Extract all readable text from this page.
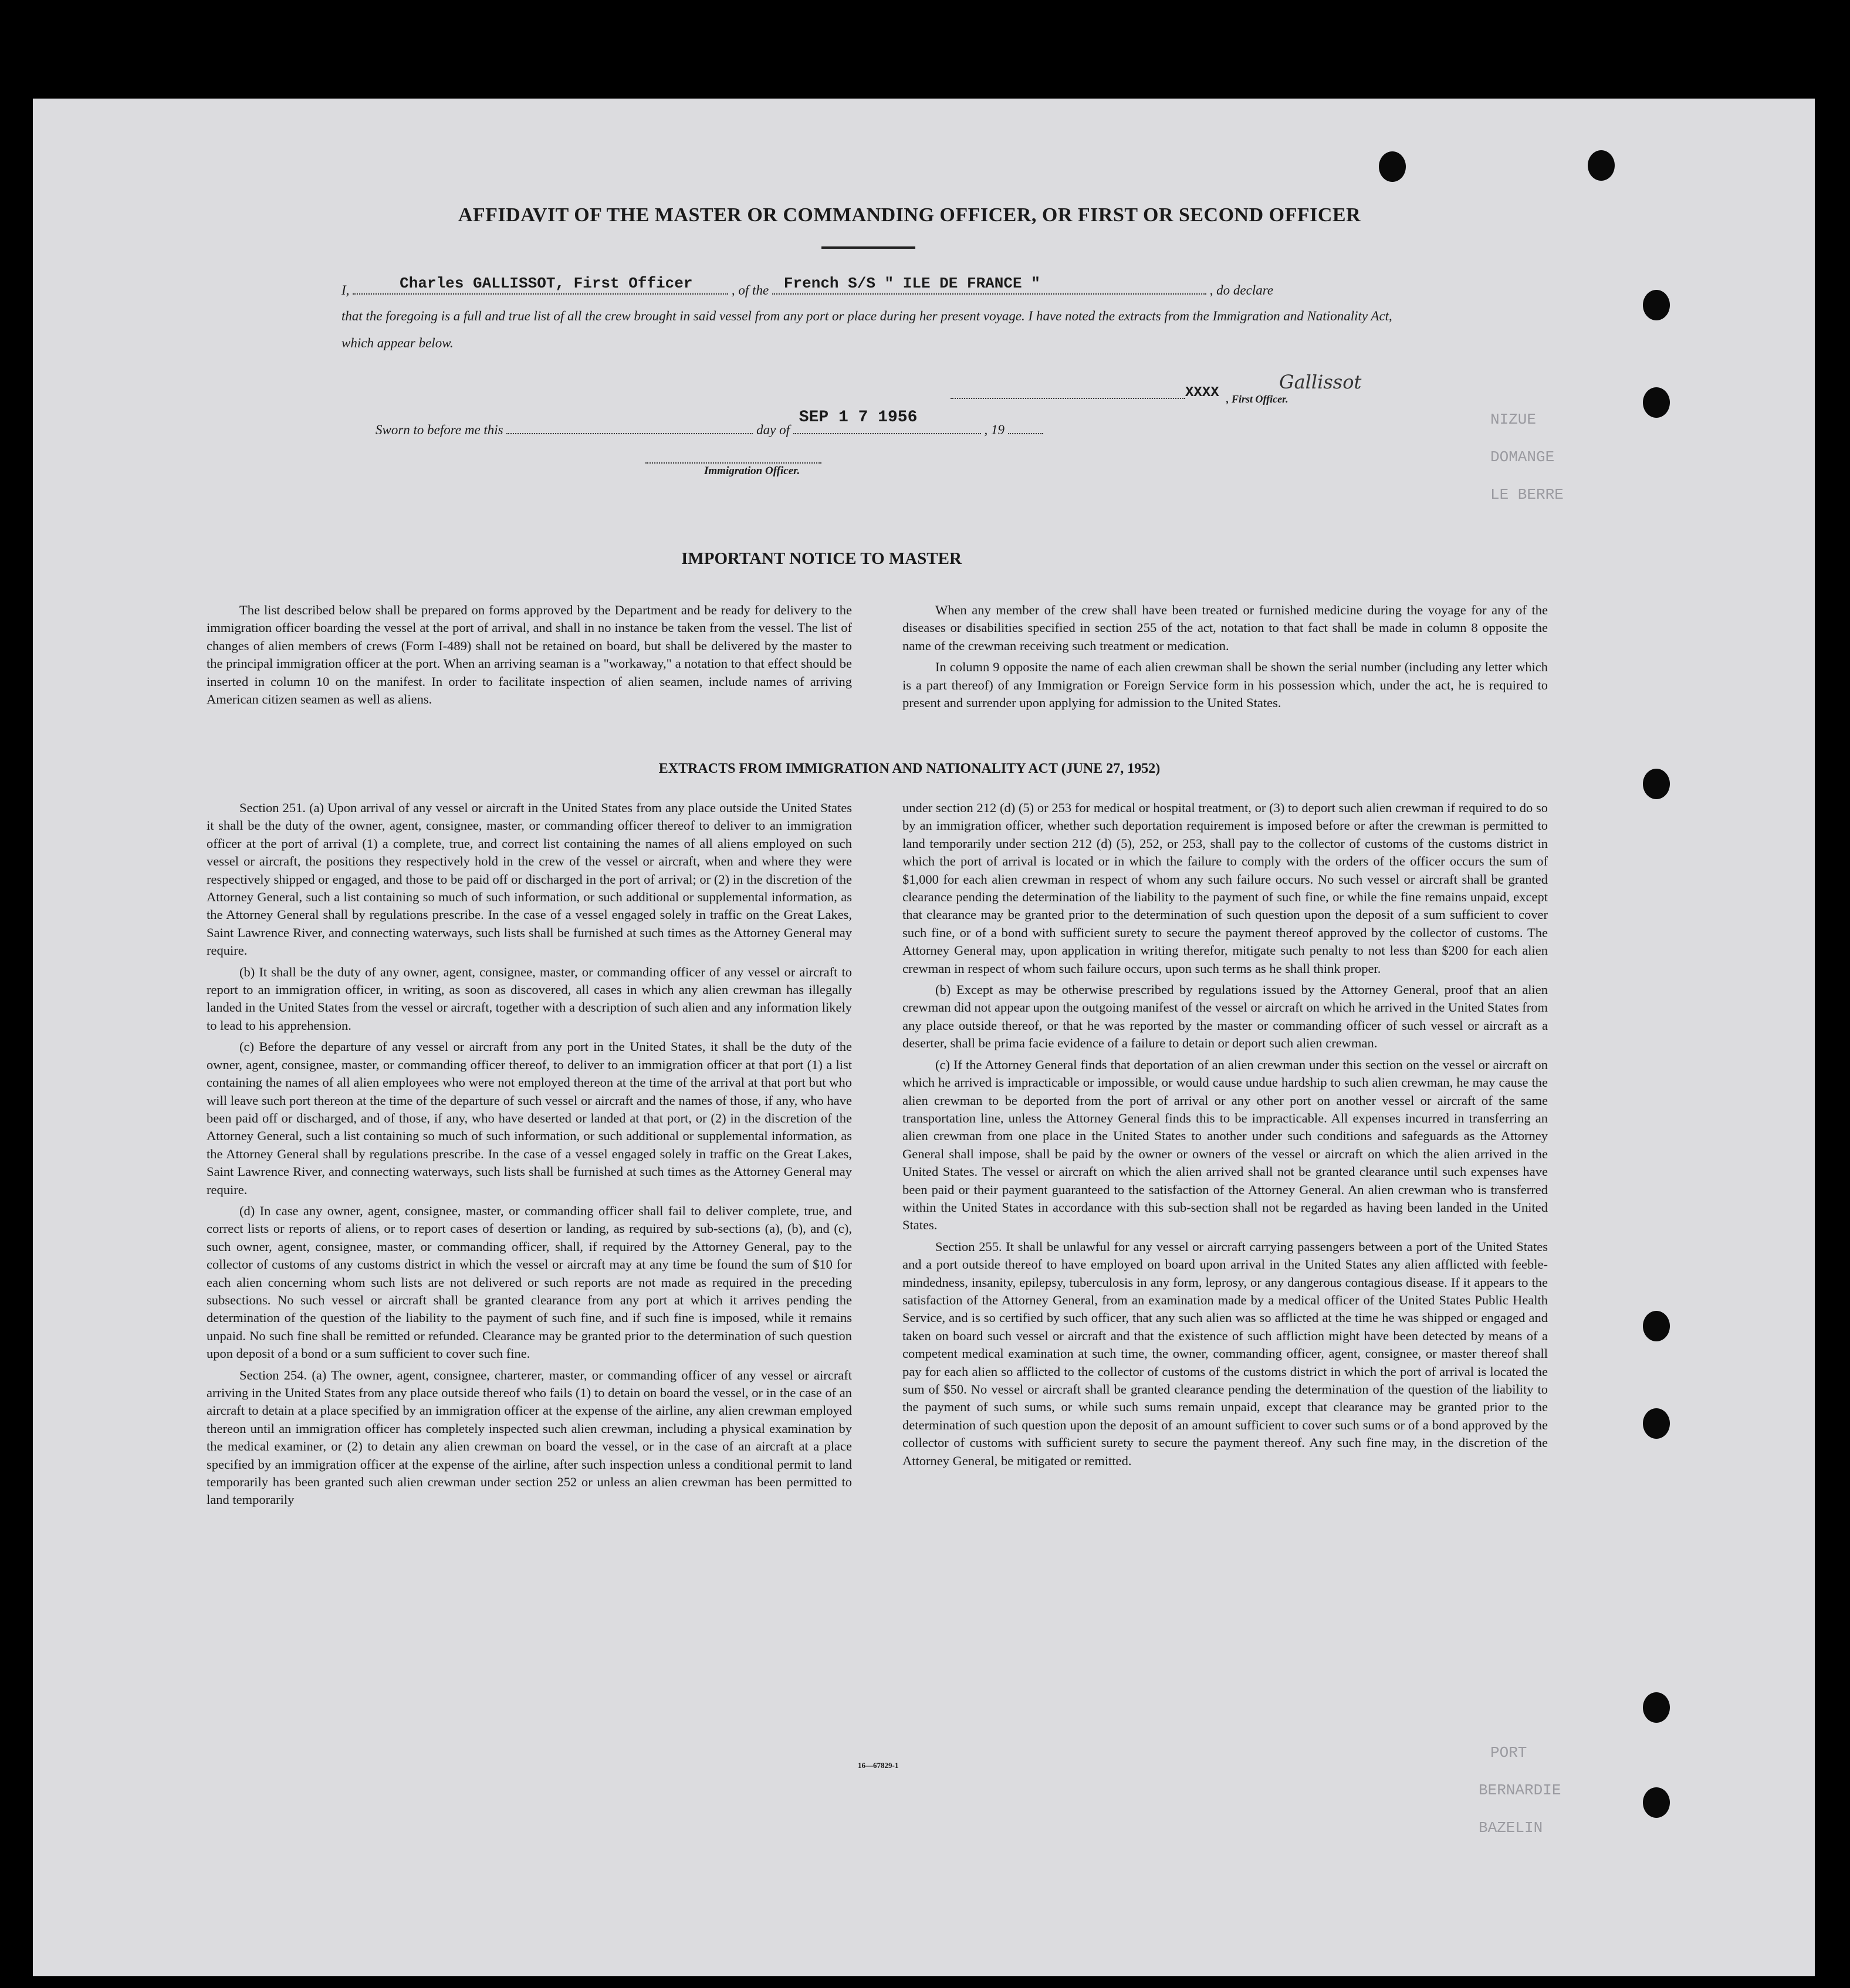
NIZUE
DOMANGE
LE BERRE
PORT
BERNARDIE
BAZELIN
AFFIDAVIT OF THE MASTER OR COMMANDING OFFICER, OR FIRST OR SECOND OFFICER
I,	Charles GALLISSOT, First Officer	, of the French S/S " ILE DE FRANCE "	, do declare
that the foregoing is a full and true list of all the crew brought in said vessel from any port or place during her present voyage. I have noted the extracts from the Immigration and Nationality Act, which appear below.
XXXX , First Officer.
Gallissot
Sworn to before me this	day of
SEP 1 7 1956
, 19
Immigration Officer.
IMPORTANT NOTICE TO MASTER

The list described below shall be prepared on forms approved by the Department and be ready for delivery to the immigration officer boarding the vessel at the port of arrival, and shall in no instance be taken from the vessel. The list of changes of alien members of crews (Form I-489) shall not be retained on board, but shall be delivered by the master to the principal immigration officer at the port. When an arriving seaman is a "workaway," a notation to that effect should be inserted in column 10 on the manifest. In order to facilitate inspection of alien seamen, include names of arriving American citizen seamen as well as aliens.

When any member of the crew shall have been treated or furnished medicine during the voyage for any of the diseases or disabilities specified in section 255 of the act, notation to that fact shall be made in column 8 opposite the name of the crewman receiving such treatment or medication.

In column 9 opposite the name of each alien crewman shall be shown the serial number (including any letter which is a part thereof) of any Immigration or Foreign Service form in his possession which, under the act, he is required to present and surrender upon applying for admission to the United States.

EXTRACTS FROM IMMIGRATION AND NATIONALITY ACT (JUNE 27, 1952)

Section 251. (a) Upon arrival of any vessel or aircraft in the United States from any place outside the United States it shall be the duty of the owner, agent, consignee, master, or commanding officer thereof to deliver to an immigration officer at the port of arrival (1) a complete, true, and correct list containing the names of all aliens employed on such vessel or aircraft, the positions they respectively hold in the crew of the vessel or aircraft, when and where they were respectively shipped or engaged, and those to be paid off or discharged in the port of arrival; or (2) in the discretion of the Attorney General, such a list containing so much of such information, or such additional or supplemental information, as the Attorney General shall by regulations prescribe. In the case of a vessel engaged solely in traffic on the Great Lakes, Saint Lawrence River, and connecting waterways, such lists shall be furnished at such times as the Attorney General may require.

(b) It shall be the duty of any owner, agent, consignee, master, or commanding officer of any vessel or aircraft to report to an immigration officer, in writing, as soon as discovered, all cases in which any alien crewman has illegally landed in the United States from the vessel or aircraft, together with a description of such alien and any information likely to lead to his apprehension.

(c) Before the departure of any vessel or aircraft from any port in the United States, it shall be the duty of the owner, agent, consignee, master, or commanding officer thereof, to deliver to an immigration officer at that port (1) a list containing the names of all alien employees who were not employed thereon at the time of the arrival at that port but who will leave such port thereon at the time of the departure of such vessel or aircraft and the names of those, if any, who have been paid off or discharged, and of those, if any, who have deserted or landed at that port, or (2) in the discretion of the Attorney General, such a list containing so much of such information, or such additional or supplemental information, as the Attorney General shall by regulations prescribe. In the case of a vessel engaged solely in traffic on the Great Lakes, Saint Lawrence River, and connecting waterways, such lists shall be furnished at such times as the Attorney General may require.

(d) In case any owner, agent, consignee, master, or commanding officer shall fail to deliver complete, true, and correct lists or reports of aliens, or to report cases of desertion or landing, as required by sub-sections (a), (b), and (c), such owner, agent, consignee, master, or commanding officer, shall, if required by the Attorney General, pay to the collector of customs of any customs district in which the vessel or aircraft may at any time be found the sum of $10 for each alien concerning whom such lists are not delivered or such reports are not made as required in the preceding subsections. No such vessel or aircraft shall be granted clearance from any port at which it arrives pending the determination of the question of the liability to the payment of such fine, and if such fine is imposed, while it remains unpaid. No such fine shall be remitted or refunded. Clearance may be granted prior to the determination of such question upon deposit of a bond or a sum sufficient to cover such fine.

Section 254. (a) The owner, agent, consignee, charterer, master, or commanding officer of any vessel or aircraft arriving in the United States from any place outside thereof who fails (1) to detain on board the vessel, or in the case of an aircraft to detain at a place specified by an immigration officer at the expense of the airline, any alien crewman employed thereon until an immigration officer has completely inspected such alien crewman, including a physical examination by the medical examiner, or (2) to detain any alien crewman on board the vessel, or in the case of an aircraft at a place specified by an immigration officer at the expense of the airline, after such inspection unless a conditional permit to land temporarily has been granted such alien crewman under section 252 or unless an alien crewman has been permitted to land temporarily

under section 212 (d) (5) or 253 for medical or hospital treatment, or (3) to deport such alien crewman if required to do so by an immigration officer, whether such deportation requirement is imposed before or after the crewman is permitted to land temporarily under section 212 (d) (5), 252, or 253, shall pay to the collector of customs of the customs district in which the port of arrival is located or in which the failure to comply with the orders of the officer occurs the sum of $1,000 for each alien crewman in respect of whom any such failure occurs. No such vessel or aircraft shall be granted clearance pending the determination of the liability to the payment of such fine, or while the fine remains unpaid, except that clearance may be granted prior to the determination of such question upon the deposit of a sum sufficient to cover such fine, or of a bond with sufficient surety to secure the payment thereof approved by the collector of customs. The Attorney General may, upon application in writing therefor, mitigate such penalty to not less than $200 for each alien crewman in respect of whom such failure occurs, upon such terms as he shall think proper.

(b) Except as may be otherwise prescribed by regulations issued by the Attorney General, proof that an alien crewman did not appear upon the outgoing manifest of the vessel or aircraft on which he arrived in the United States from any place outside thereof, or that he was reported by the master or commanding officer of such vessel or aircraft as a deserter, shall be prima facie evidence of a failure to detain or deport such alien crewman.

(c) If the Attorney General finds that deportation of an alien crewman under this section on the vessel or aircraft on which he arrived is impracticable or impossible, or would cause undue hardship to such alien crewman, he may cause the alien crewman to be deported from the port of arrival or any other port on another vessel or aircraft of the same transportation line, unless the Attorney General finds this to be impracticable. All expenses incurred in transferring an alien crewman from one place in the United States to another under such conditions and safeguards as the Attorney General shall impose, shall be paid by the owner or owners of the vessel or aircraft on which the alien arrived in the United States. The vessel or aircraft on which the alien arrived shall not be granted clearance until such expenses have been paid or their payment guaranteed to the satisfaction of the Attorney General. An alien crewman who is transferred within the United States in accordance with this sub-section shall not be regarded as having been landed in the United States.

Section 255. It shall be unlawful for any vessel or aircraft carrying passengers between a port of the United States and a port outside thereof to have employed on board upon arrival in the United States any alien afflicted with feeble-mindedness, insanity, epilepsy, tuberculosis in any form, leprosy, or any dangerous contagious disease. If it appears to the satisfaction of the Attorney General, from an examination made by a medical officer of the United States Public Health Service, and is so certified by such officer, that any such alien was so afflicted at the time he was shipped or engaged and taken on board such vessel or aircraft and that the existence of such affliction might have been detected by means of a competent medical examination at such time, the owner, commanding officer, agent, consignee, or master thereof shall pay for each alien so afflicted to the collector of customs of the customs district in which the port of arrival is located the sum of $50. No vessel or aircraft shall be granted clearance pending the determination of the question of the liability to the payment of such sums, or while such sums remain unpaid, except that clearance may be granted prior to the determination of such question upon the deposit of an amount sufficient to cover such sums or of a bond approved by the collector of customs with sufficient surety to secure the payment thereof. Any such fine may, in the discretion of the Attorney General, be mitigated or remitted.

16—67829-1
